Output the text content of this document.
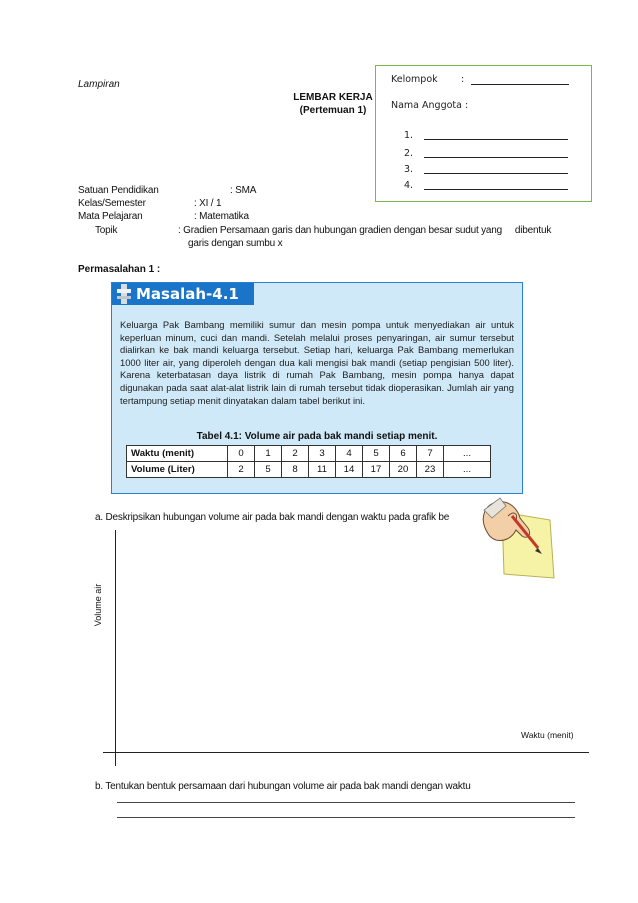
Lampiran
LEMBAR KERJA
(Pertemuan 1)
Kelompok :
Nama Anggota :
1.
2.
3.
4.
Satuan Pendidikan	: SMA
Kelas/Semester	: XI / 1
Mata Pelajaran	: Matematika
Topik	: Gradien Persamaan garis dan hubungan gradien dengan besar sudut yang     dibentuk
garis dengan sumbu x
Permasalahan 1 :
Masalah-4.1
Keluarga Pak Bambang memiliki sumur dan mesin pompa untuk menyediakan air untuk keperluan minum, cuci dan mandi. Setelah melalui proses penyaringan, air sumur tersebut dialirkan ke bak mandi keluarga tersebut. Setiap hari, keluarga Pak Bambang memerlukan 1000 liter air, yang diperoleh dengan dua kali mengisi bak mandi (setiap pengisian 500 liter). Karena keterbatasan daya listrik di rumah Pak Bambang, mesin pompa hanya dapat digunakan pada saat alat-alat listrik lain di rumah tersebut tidak dioperasikan. Jumlah air yang tertampung setiap menit dinyatakan dalam tabel berikut ini.
Tabel 4.1: Volume air pada bak mandi setiap menit.
Waktu (menit)	0	1	2	3	4	5	6	7	...
Volume (Liter)	2	5	8	11	14	17	20	23	...
a. Deskripsikan hubungan volume air pada bak mandi dengan waktu pada grafik be
Volume air
Waktu (menit)
b. Tentukan bentuk persamaan dari hubungan volume air pada bak mandi dengan waktu
